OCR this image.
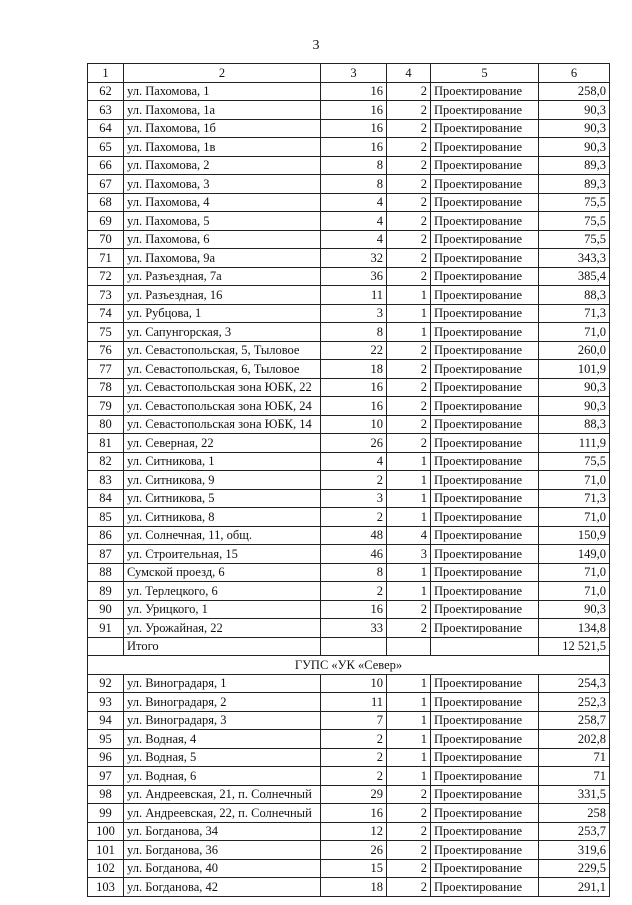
3
1	2	3	4	5	6
62	ул. Пахомова, 1	16	2	Проектирование	258,0
63	ул. Пахомова, 1а	16	2	Проектирование	90,3
64	ул. Пахомова, 1б	16	2	Проектирование	90,3
65	ул. Пахомова, 1в	16	2	Проектирование	90,3
66	ул. Пахомова, 2	8	2	Проектирование	89,3
67	ул. Пахомова, 3	8	2	Проектирование	89,3
68	ул. Пахомова, 4	4	2	Проектирование	75,5
69	ул. Пахомова, 5	4	2	Проектирование	75,5
70	ул. Пахомова, 6	4	2	Проектирование	75,5
71	ул. Пахомова, 9а	32	2	Проектирование	343,3
72	ул. Разъездная, 7а	36	2	Проектирование	385,4
73	ул. Разъездная, 16	11	1	Проектирование	88,3
74	ул. Рубцова, 1	3	1	Проектирование	71,3
75	ул. Сапунгорская, 3	8	1	Проектирование	71,0
76	ул. Севастопольская, 5, Тыловое	22	2	Проектирование	260,0
77	ул. Севастопольская, 6, Тыловое	18	2	Проектирование	101,9
78	ул. Севастопольская зона ЮБК, 22	16	2	Проектирование	90,3
79	ул. Севастопольская зона ЮБК, 24	16	2	Проектирование	90,3
80	ул. Севастопольская зона ЮБК, 14	10	2	Проектирование	88,3
81	ул. Северная, 22	26	2	Проектирование	111,9
82	ул. Ситникова, 1	4	1	Проектирование	75,5
83	ул. Ситникова, 9	2	1	Проектирование	71,0
84	ул. Ситникова, 5	3	1	Проектирование	71,3
85	ул. Ситникова, 8	2	1	Проектирование	71,0
86	ул. Солнечная, 11, общ.	48	4	Проектирование	150,9
87	ул. Строительная, 15	46	3	Проектирование	149,0
88	Сумской проезд, 6	8	1	Проектирование	71,0
89	ул. Терлецкого, 6	2	1	Проектирование	71,0
90	ул. Урицкого, 1	16	2	Проектирование	90,3
91	ул. Урожайная, 22	33	2	Проектирование	134,8
	Итого				12 521,5
ГУПС «УК «Север»					
92	ул. Виноградаря, 1	10	1	Проектирование	254,3
93	ул. Виноградаря, 2	11	1	Проектирование	252,3
94	ул. Виноградаря, 3	7	1	Проектирование	258,7
95	ул. Водная, 4	2	1	Проектирование	202,8
96	ул. Водная, 5	2	1	Проектирование	71
97	ул. Водная, 6	2	1	Проектирование	71
98	ул. Андреевская, 21, п. Солнечный	29	2	Проектирование	331,5
99	ул. Андреевская, 22, п. Солнечный	16	2	Проектирование	258
100	ул. Богданова, 34	12	2	Проектирование	253,7
101	ул. Богданова, 36	26	2	Проектирование	319,6
102	ул. Богданова, 40	15	2	Проектирование	229,5
103	ул. Богданова, 42	18	2	Проектирование	291,1
